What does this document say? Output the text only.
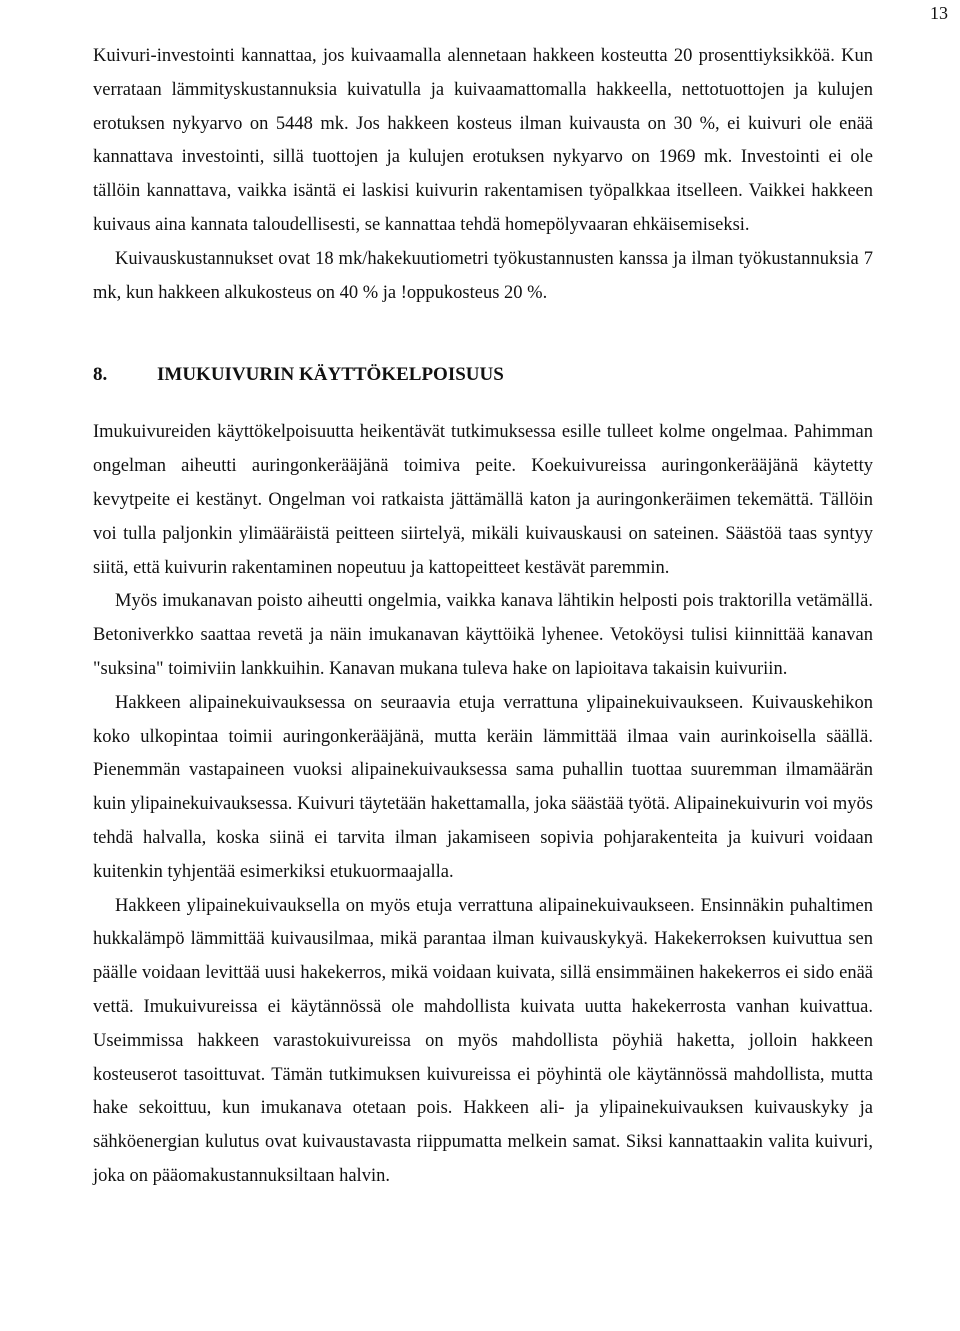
13

Kuivuri-investointi kannattaa, jos kuivaamalla alennetaan hakkeen kosteutta 20 prosenttiyksikköä. Kun verrataan lämmityskustannuksia kuivatulla ja kuivaamattomalla hakkeella, nettotuottojen ja kulujen erotuksen nykyarvo on 5448 mk. Jos hakkeen kosteus ilman kuivausta on 30 %, ei kuivuri ole enää kannattava investointi, sillä tuottojen ja kulujen erotuksen nykyarvo on 1969 mk. Investointi ei ole tällöin kannattava, vaikka isäntä ei laskisi kuivurin rakentamisen työpalkkaa itselleen. Vaikkei hakkeen kuivaus aina kannata taloudellisesti, se kannattaa tehdä homepölyvaaran ehkäisemiseksi.

Kuivauskustannukset ovat 18 mk/hakekuutiometri työkustannusten kanssa ja ilman työkustannuksia 7 mk, kun hakkeen alkukosteus on 40 % ja !oppukosteus 20 %.

8.	IMUKUIVURIN KÄYTTÖKELPOISUUS

Imukuivureiden käyttökelpoisuutta heikentävät tutkimuksessa esille tulleet kolme ongelmaa. Pahimman ongelman aiheutti auringonkerääjänä toimiva peite. Koekuivureissa auringonkerääjänä käytetty kevytpeite ei kestänyt. Ongelman voi ratkaista jättämällä katon ja auringonkeräimen tekemättä. Tällöin voi tulla paljonkin ylimääräistä peitteen siirtelyä, mikäli kuivauskausi on sateinen. Säästöä taas syntyy siitä, että kuivurin rakentaminen nopeutuu ja kattopeitteet kestävät paremmin.

Myös imukanavan poisto aiheutti ongelmia, vaikka kanava lähtikin helposti pois traktorilla vetämällä. Betoniverkko saattaa revetä ja näin imukanavan käyttöikä lyhenee. Vetoköysi tulisi kiinnittää kanavan "suksina" toimiviin lankkuihin. Kanavan mukana tuleva hake on lapioitava takaisin kuivuriin.

Hakkeen alipainekuivauksessa on seuraavia etuja verrattuna ylipainekuivaukseen. Kuivauskehikon koko ulkopintaa toimii auringonkerääjänä, mutta keräin lämmittää ilmaa vain aurinkoisella säällä. Pienemmän vastapaineen vuoksi alipainekuivauksessa sama puhallin tuottaa suuremman ilmamäärän kuin ylipainekuivauksessa. Kuivuri täytetään hakettamalla, joka säästää työtä. Alipainekuivurin voi myös tehdä halvalla, koska siinä ei tarvita ilman jakamiseen sopivia pohjarakenteita ja kuivuri voidaan kuitenkin tyhjentää esimerkiksi etukuormaajalla.

Hakkeen ylipainekuivauksella on myös etuja verrattuna alipainekuivaukseen. Ensinnäkin puhaltimen hukkalämpö lämmittää kuivausilmaa, mikä parantaa ilman kuivauskykyä. Hakekerroksen kuivuttua sen päälle voidaan levittää uusi hakekerros, mikä voidaan kuivata, sillä ensimmäinen hakekerros ei sido enää vettä. Imukuivureissa ei käytännössä ole mahdollista kuivata uutta hakekerrosta vanhan kuivattua. Useimmissa hakkeen varastokuivureissa on myös mahdollista pöyhiä haketta, jolloin hakkeen kosteuserot tasoittuvat. Tämän tutkimuksen kuivureissa ei pöyhintä ole käytännössä mahdollista, mutta hake sekoittuu, kun imukanava otetaan pois. Hakkeen ali- ja ylipainekuivauksen kuivauskyky ja sähköenergian kulutus ovat kuivaustavasta riippumatta melkein samat. Siksi kannattaakin valita kuivuri, joka on pääomakustannuksiltaan halvin.
